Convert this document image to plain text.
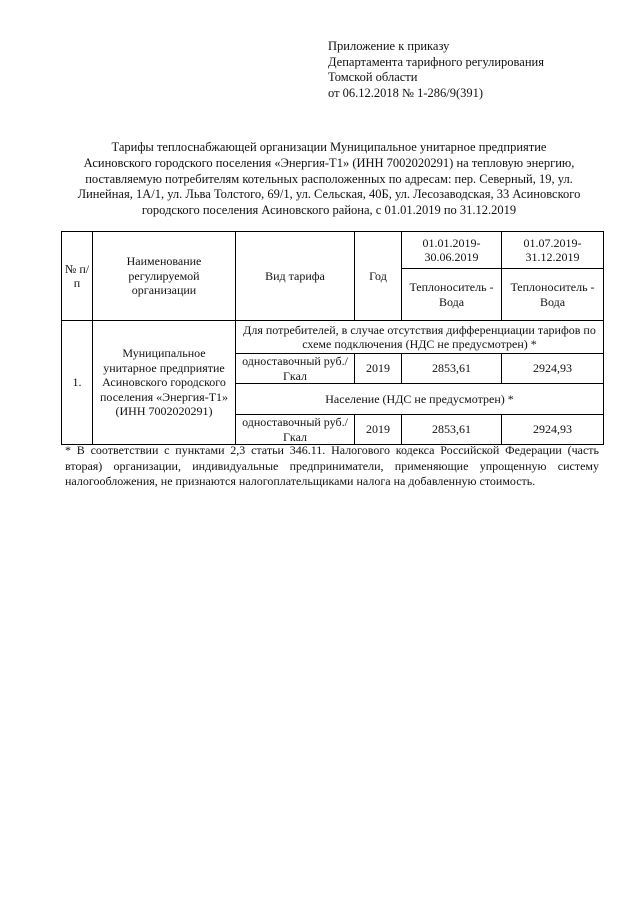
Приложение к приказу
Департамента тарифного регулирования
Томской области
от 06.12.2018 № 1-286/9(391)
Тарифы теплоснабжающей организации Муниципальное унитарное предприятие
Асиновского городского поселения «Энергия-Т1» (ИНН 7002020291) на тепловую энергию,
поставляемую потребителям котельных расположенных по адресам: пер. Северный, 19, ул.
Линейная, 1А/1, ул. Льва Толстого, 69/1, ул. Сельская, 40Б, ул. Лесозаводская, 33 Асиновского
городского поселения Асиновского района, с 01.01.2019 по 31.12.2019
№ п/п	Наименование регулируемой организации	Вид тарифа	Год	01.01.2019-30.06.2019	01.07.2019-31.12.2019
				Теплоноситель - Вода	Теплоноситель - Вода
1.	Муниципальное унитарное предприятие Асиновского городского поселения «Энергия-Т1» (ИНН 7002020291)	Для потребителей, в случае отсутствия дифференциации тарифов по схеме подключения (НДС не предусмотрен) *			
		одноставочный руб./Гкал	2019	2853,61	2924,93
		Население (НДС не предусмотрен) *			
		одноставочный руб./Гкал	2019	2853,61	2924,93
* В соответствии с пунктами 2,3 статьи 346.11. Налогового кодекса Российской Федерации (часть вторая) организации, индивидуальные предприниматели, применяющие упрощенную систему налогообложения, не признаются налогоплательщиками налога на добавленную стоимость.
